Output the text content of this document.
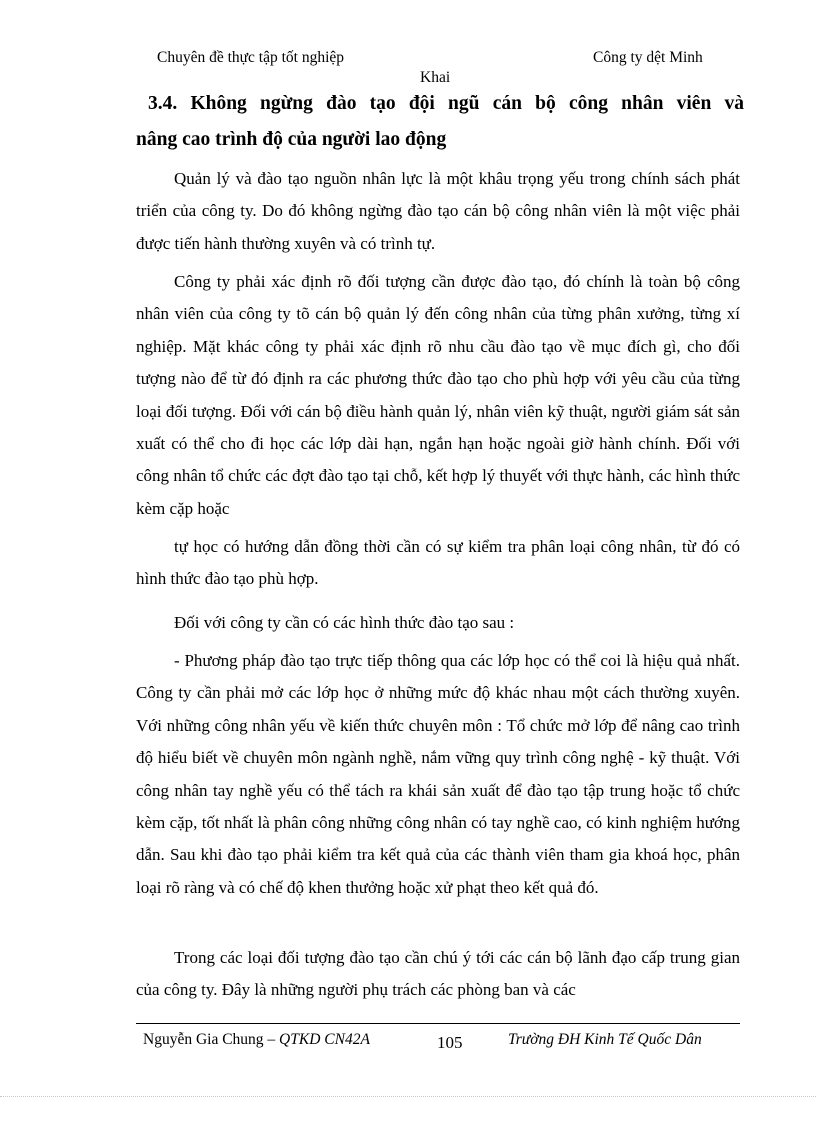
Chuyên đề thực tập tốt nghiệp	Công ty dệt Minh
Khai
3.4. Không ngừng đào tạo đội ngũ cán bộ công nhân viên và
nâng cao trình độ của người lao động

Quản lý và đào tạo nguồn nhân lực là một khâu trọng yếu trong chính sách phát triển của công ty. Do đó không ngừng đào tạo cán bộ công nhân viên là một việc phải được tiến hành thường xuyên và có trình tự.

Công ty phải xác định rõ đối tượng cần được đào tạo, đó chính là toàn bộ công nhân viên của công ty tõ cán bộ quản lý đến công nhân của từng phân xưởng, từng xí nghiệp. Mặt khác công ty phải xác định rõ nhu cầu đào tạo về mục đích gì, cho đối tượng nào để từ đó định ra các phương thức đào tạo cho phù hợp với yêu cầu của từng loại đối tượng. Đối với cán bộ điều hành quản lý, nhân viên kỹ thuật, người giám sát sản xuất có thể cho đi học các lớp dài hạn, ngắn hạn hoặc ngoài giờ hành chính. Đối với công nhân tổ chức các đợt đào tạo tại chỗ, kết hợp lý thuyết với thực hành, các hình thức kèm cặp hoặc

tự học có hướng dẫn đồng thời cần có sự kiểm tra phân loại công nhân, từ đó có hình thức đào tạo phù hợp.

Đối với công ty cần có các hình thức đào tạo sau :

- Phương pháp đào tạo trực tiếp thông qua các lớp học có thể coi là hiệu quả nhất. Công ty cần phải mở các lớp học ở những mức độ khác nhau một cách thường xuyên. Với những công nhân yếu về kiến thức chuyên môn : Tổ chức mở lớp để nâng cao trình độ hiểu biết về chuyên môn ngành nghề, nắm vững quy trình công nghệ - kỹ thuật. Với công nhân tay nghề yếu có thể tách ra khái sản xuất để đào tạo tập trung hoặc tổ chức kèm cặp, tốt nhất là phân công những công nhân có tay nghề cao, có kinh nghiệm hướng dẫn. Sau khi đào tạo phải kiểm tra kết quả của các thành viên tham gia khoá học, phân loại rõ ràng và có chế độ khen thưởng hoặc xử phạt theo kết quả đó.

Trong các loại đối tượng đào tạo cần chú ý tới các cán bộ lãnh đạo cấp trung gian của công ty. Đây là những người phụ trách các phòng ban và các

Nguyễn Gia Chung – QTKD CN42A	105	Trường ĐH Kinh Tế Quốc Dân
